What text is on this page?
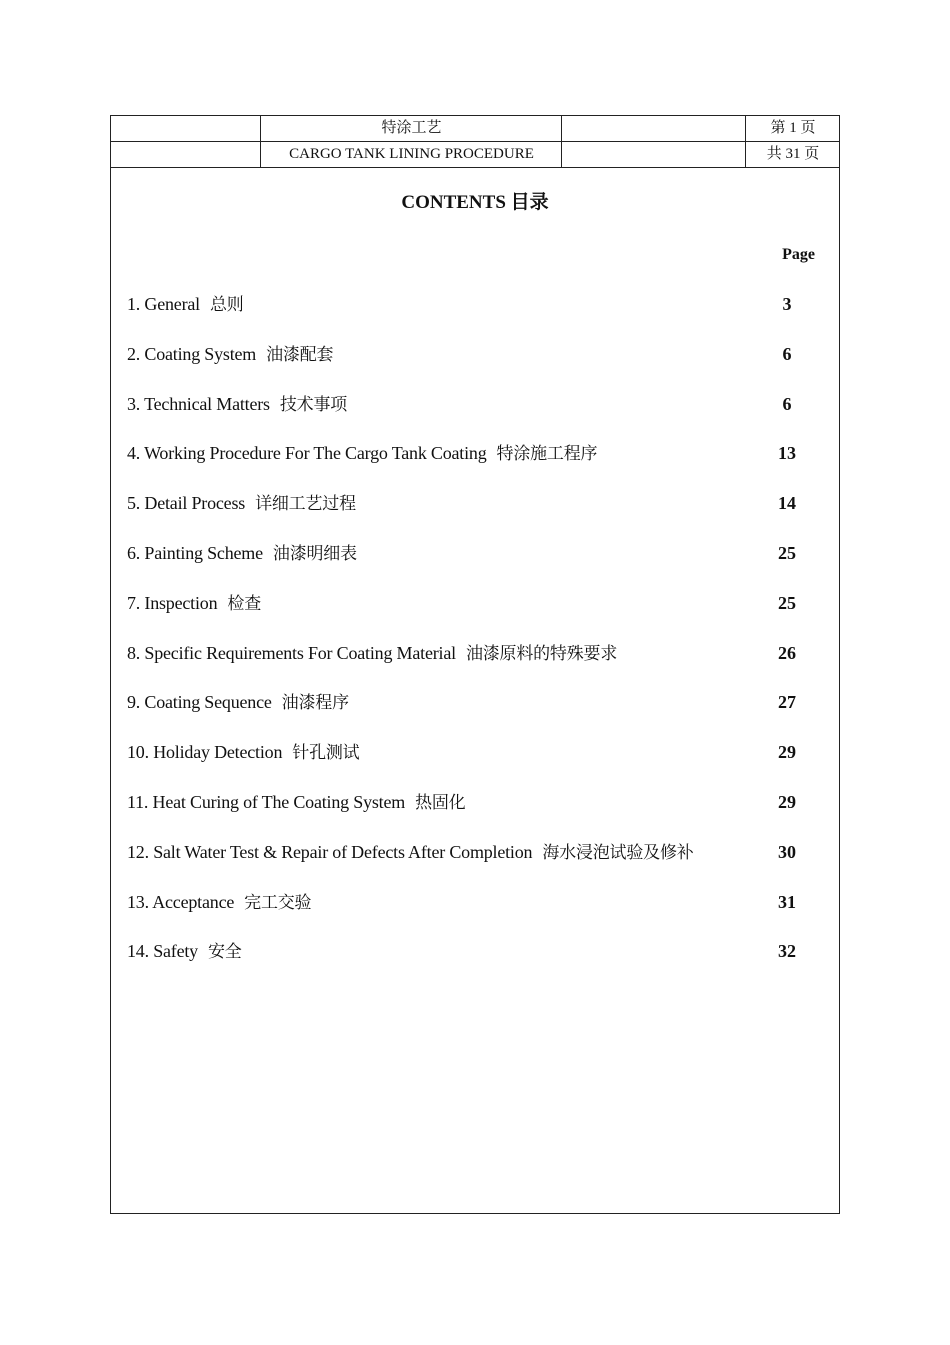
特涂工艺	第 1 页
CARGO TANK LINING PROCEDURE	共 31 页
CONTENTS 目录
Page
1. General 总则	3
2. Coating System 油漆配套	6
3. Technical Matters 技术事项	6
4. Working Procedure For The Cargo Tank Coating 特涂施工程序	13
5. Detail Process 详细工艺过程	14
6. Painting Scheme 油漆明细表	25
7. Inspection 检查	25
8. Specific Requirements For Coating Material 油漆原料的特殊要求	26
9. Coating Sequence 油漆程序	27
10. Holiday Detection 针孔测试	29
11. Heat Curing of The Coating System 热固化	29
12. Salt Water Test & Repair of Defects After Completion 海水浸泡试验及修补	30
13. Acceptance 完工交验	31
14. Safety 安全	32
